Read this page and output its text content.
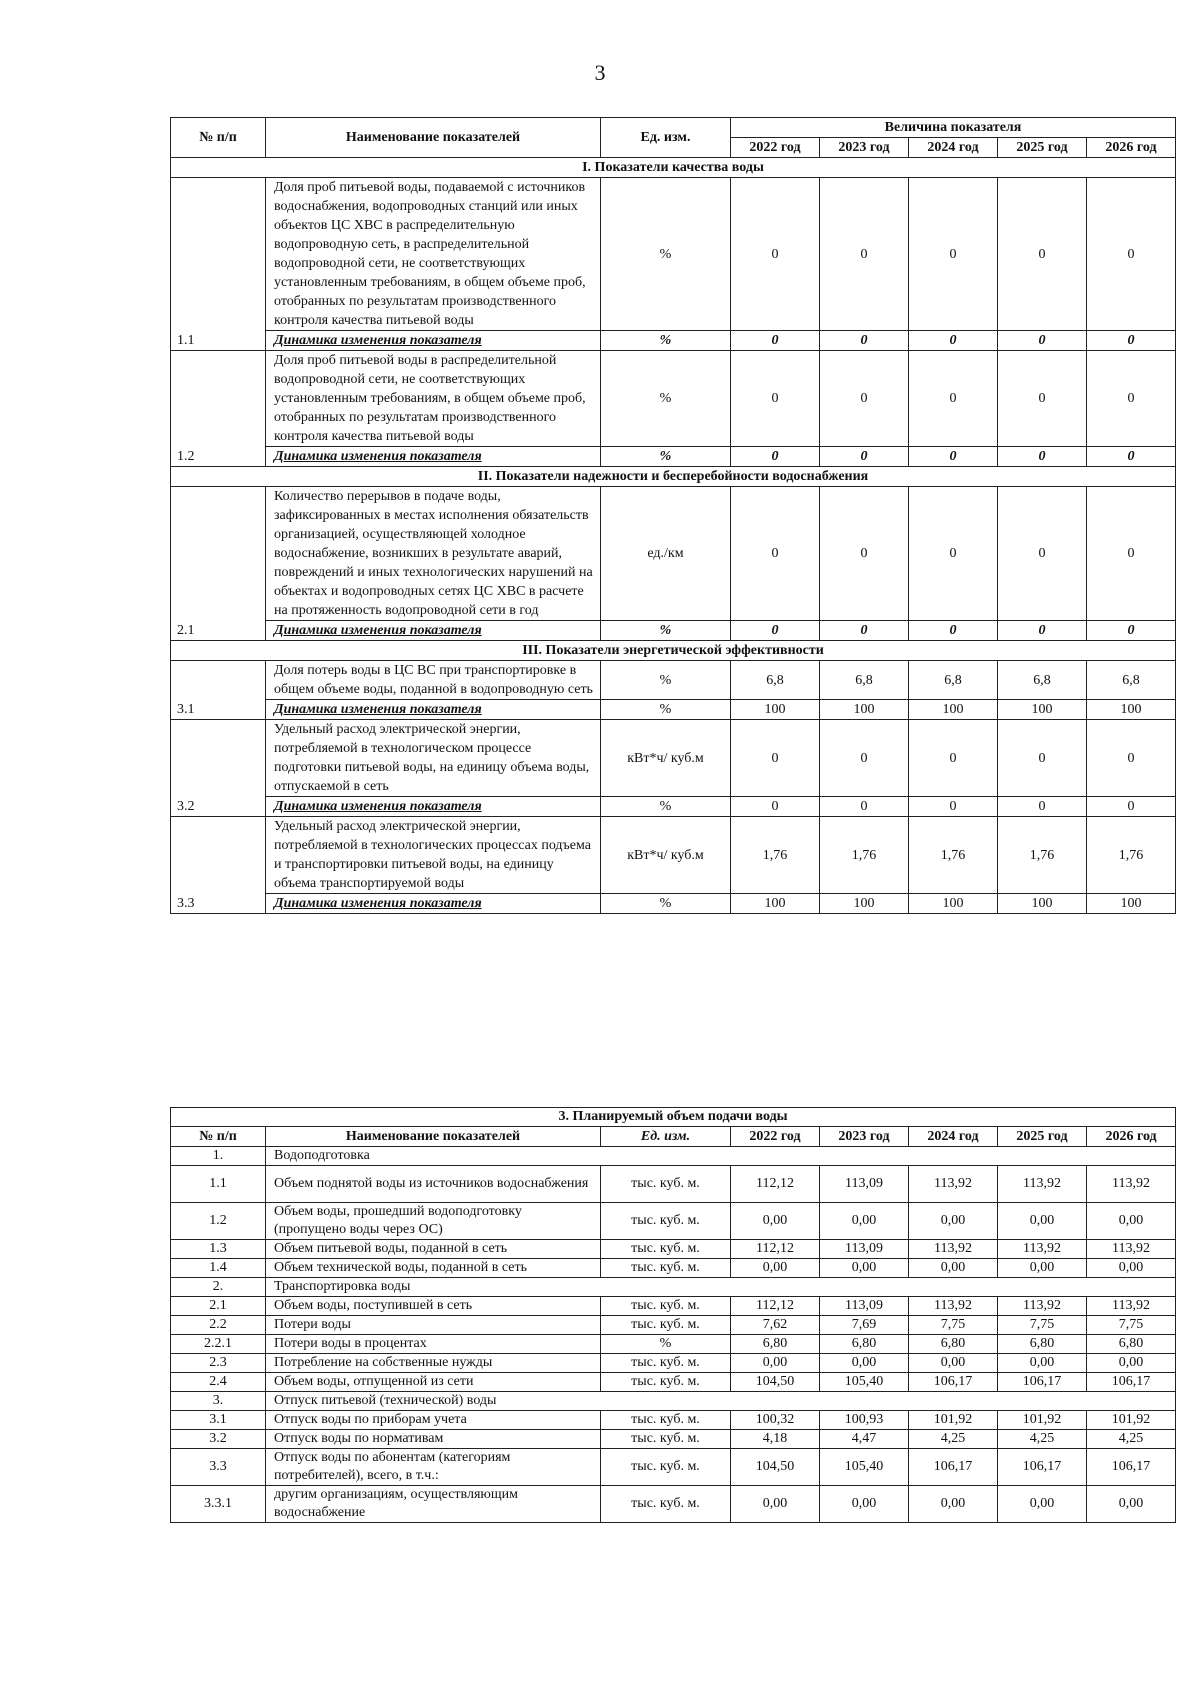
3
№ п/п	Наименование показателей	Ед. изм.	Величина показателя				
			2022 год	2023 год	2024 год	2025 год	2026 год
I. Показатели качества воды							
1.1	Доля проб питьевой воды, подаваемой с источников водоснабжения, водопроводных станций или иных объектов ЦС ХВС в распределительную водопроводную сеть, в распределительной водопроводной сети, не соответствующих установленным требованиям, в общем объеме проб, отобранных по результатам производственного контроля качества питьевой воды	%	0	0	0	0	0
	Динамика изменения показателя	%	0	0	0	0	0
1.2	Доля проб питьевой воды в распределительной водопроводной сети, не соответствующих установленным требованиям, в общем объеме проб, отобранных по результатам производственного контроля качества питьевой воды	%	0	0	0	0	0
	Динамика изменения показателя	%	0	0	0	0	0
II. Показатели надежности и бесперебойности водоснабжения							
2.1	Количество перерывов в подаче воды, зафиксированных в местах исполнения обязательств организацией, осуществляющей холодное водоснабжение, возникших в результате аварий, повреждений и иных технологических нарушений на объектах и водопроводных сетях ЦС ХВС в расчете на протяженность водопроводной сети в год	ед./км	0	0	0	0	0
	Динамика изменения показателя	%	0	0	0	0	0
III. Показатели энергетической эффективности							
3.1	Доля потерь воды в ЦС ВС при транспортировке в общем объеме воды, поданной в водопроводную сеть	%	6,8	6,8	6,8	6,8	6,8
	Динамика изменения показателя	%	100	100	100	100	100
3.2	Удельный расход электрической энергии, потребляемой в технологическом процессе подготовки питьевой воды, на единицу объема воды, отпускаемой в сеть	кВт*ч/ куб.м	0	0	0	0	0
	Динамика изменения показателя	%	0	0	0	0	0
3.3	Удельный расход электрической энергии, потребляемой в технологических процессах подъема и транспортировки питьевой воды, на единицу объема транспортируемой воды	кВт*ч/ куб.м	1,76	1,76	1,76	1,76	1,76
	Динамика изменения показателя	%	100	100	100	100	100
3. Планируемый объем подачи воды							
№ п/п	Наименование показателей	Ед. изм.	2022 год	2023 год	2024 год	2025 год	2026 год
1.	Водоподготовка						
1.1	Объем поднятой воды из источников водоснабжения	тыс. куб. м.	112,12	113,09	113,92	113,92	113,92
1.2	Объем воды, прошедший водоподготовку (пропущено воды через ОС)	тыс. куб. м.	0,00	0,00	0,00	0,00	0,00
1.3	Объем питьевой воды, поданной в сеть	тыс. куб. м.	112,12	113,09	113,92	113,92	113,92
1.4	Объем технической воды, поданной в сеть	тыс. куб. м.	0,00	0,00	0,00	0,00	0,00
2.	Транспортировка воды						
2.1	Объем воды, поступившей в сеть	тыс. куб. м.	112,12	113,09	113,92	113,92	113,92
2.2	Потери воды	тыс. куб. м.	7,62	7,69	7,75	7,75	7,75
2.2.1	Потери воды в процентах	%	6,80	6,80	6,80	6,80	6,80
2.3	Потребление на собственные нужды	тыс. куб. м.	0,00	0,00	0,00	0,00	0,00
2.4	Объем воды, отпущенной из сети	тыс. куб. м.	104,50	105,40	106,17	106,17	106,17
3.	Отпуск питьевой (технической) воды						
3.1	Отпуск воды по приборам учета	тыс. куб. м.	100,32	100,93	101,92	101,92	101,92
3.2	Отпуск воды по нормативам	тыс. куб. м.	4,18	4,47	4,25	4,25	4,25
3.3	Отпуск воды по абонентам (категориям потребителей), всего, в т.ч.:	тыс. куб. м.	104,50	105,40	106,17	106,17	106,17
3.3.1	другим организациям, осуществляющим водоснабжение	тыс. куб. м.	0,00	0,00	0,00	0,00	0,00
